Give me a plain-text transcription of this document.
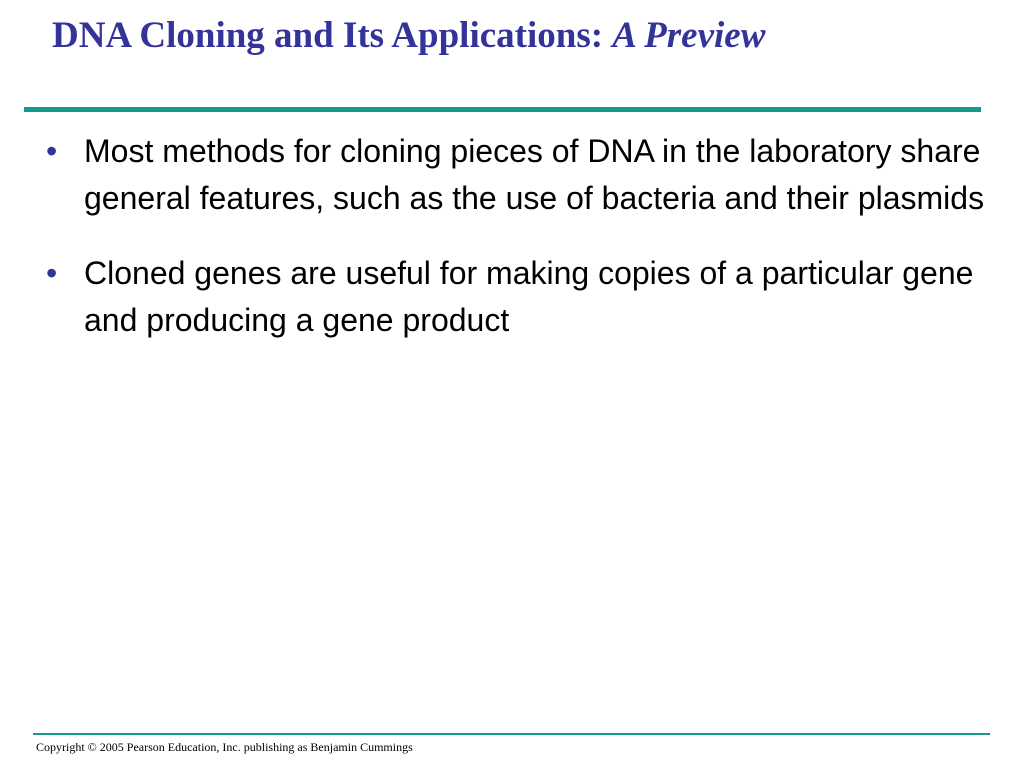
DNA Cloning and Its Applications: A Preview
• Most methods for cloning pieces of DNA in the laboratory share general features, such as the use of bacteria and their plasmids
• Cloned genes are useful for making copies of a particular gene and producing a gene product
Copyright © 2005 Pearson Education, Inc. publishing as Benjamin Cummings
